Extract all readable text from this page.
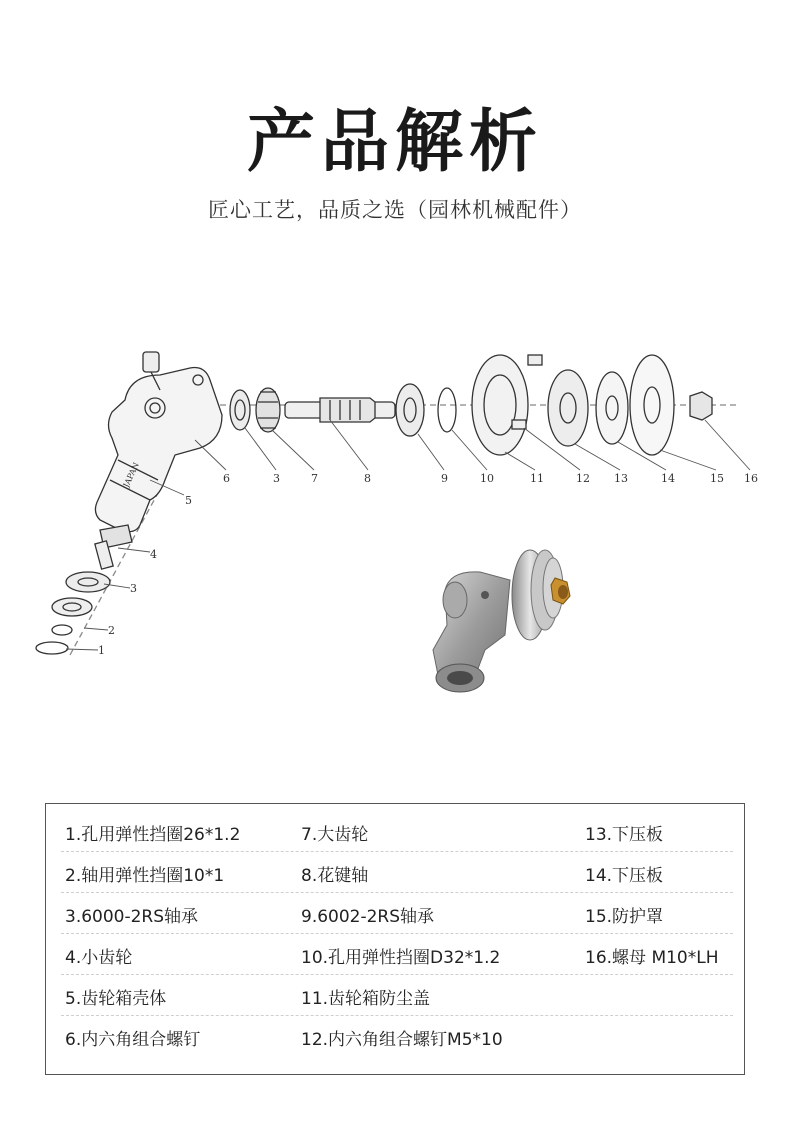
产品解析
匠心工艺，品质之选（园林机械配件）
6	3	7	8	9	10	11	12 13	14	15 16
5
4
3
2
1
JAPAN
1.孔用弹性挡圈26*1.2	7.大齿轮	13.下压板
2.轴用弹性挡圈10*1	8.花键轴	14.下压板
3.6000-2RS轴承	9.6002-2RS轴承	15.防护罩
4.小齿轮	10.孔用弹性挡圈D32*1.2	16.螺母 M10*LH
5.齿轮箱壳体	11.齿轮箱防尘盖
6.内六角组合螺钉	12.内六角组合螺钉M5*10
